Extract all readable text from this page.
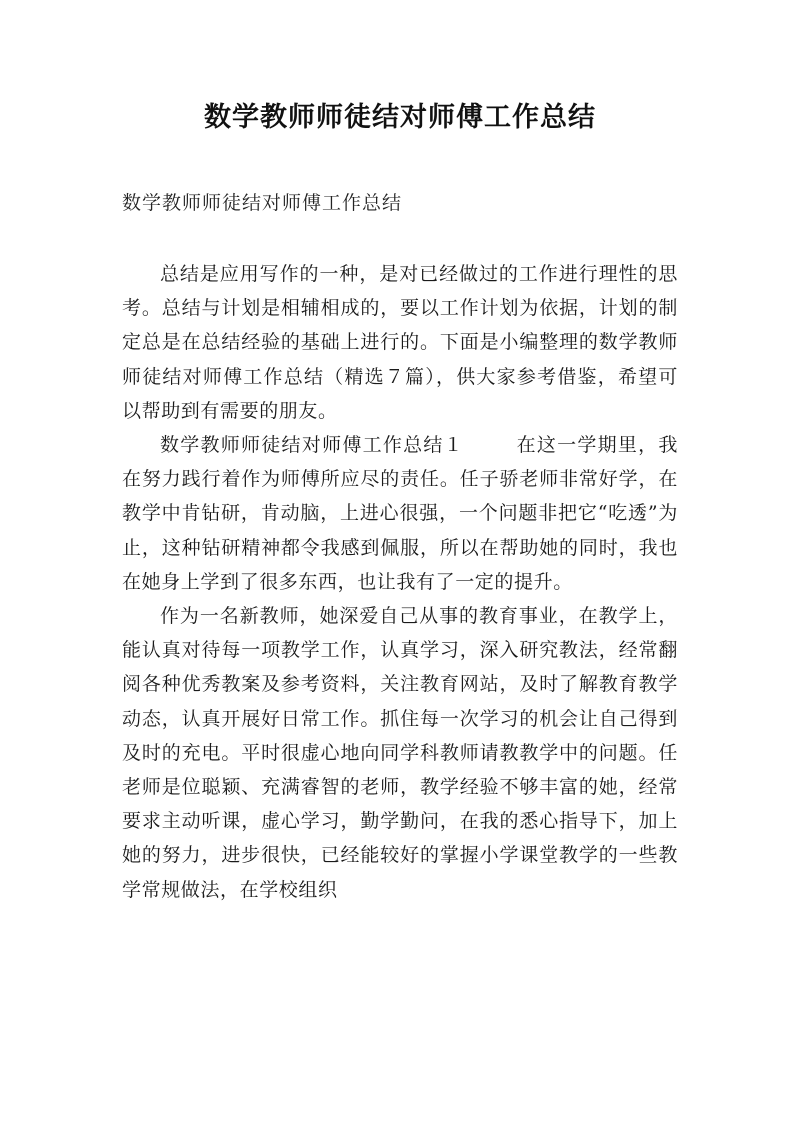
数学教师师徒结对师傅工作总结
数学教师师徒结对师傅工作总结

总结是应用写作的一种，是对已经做过的工作进行理性的思考。总结与计划是相辅相成的，要以工作计划为依据，计划的制定总是在总结经验的基础上进行的。下面是小编整理的数学教师师徒结对师傅工作总结（精选７篇），供大家参考借鉴，希望可以帮助到有需要的朋友。

数学教师师徒结对师傅工作总结１	在这一学期里，我在努力践行着作为师傅所应尽的责任。任子骄老师非常好学，在教学中肯钻研，肯动脑，上进心很强，一个问题非把它“吃透”为止，这种钻研精神都令我感到佩服，所以在帮助她的同时，我也在她身上学到了很多东西，也让我有了一定的提升。

作为一名新教师，她深爱自己从事的教育事业，在教学上，能认真对待每一项教学工作，认真学习，深入研究教法，经常翻阅各种优秀教案及参考资料，关注教育网站，及时了解教育教学动态，认真开展好日常工作。抓住每一次学习的机会让自己得到及时的充电。平时很虚心地向同学科教师请教教学中的问题。任老师是位聪颖、充满睿智的老师，教学经验不够丰富的她，经常要求主动听课，虚心学习，勤学勤问，在我的悉心指导下，加上她的努力，进步很快，已经能较好的掌握小学课堂教学的一些教学常规做法，在学校组织
